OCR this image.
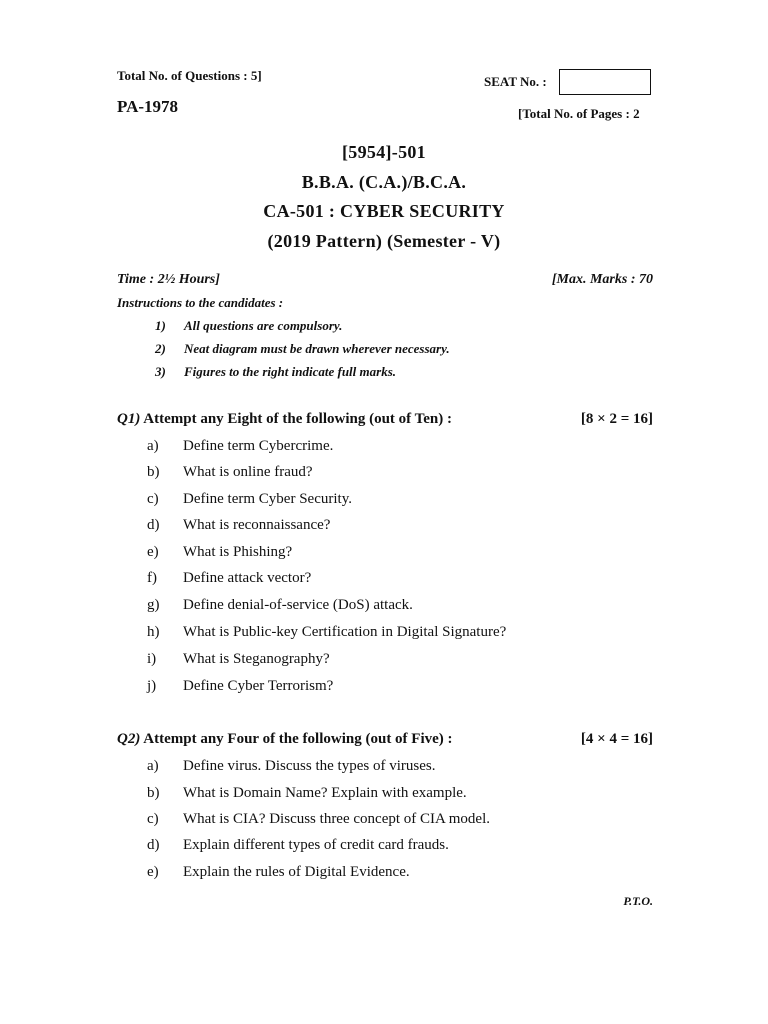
Total No. of Questions : 5]	SEAT No. :
PA-1978	[Total No. of Pages : 2
[5954]-501
B.B.A. (C.A.)/B.C.A.
CA-501 : CYBER SECURITY
(2019 Pattern) (Semester - V)
Time : 2½ Hours]	[Max. Marks : 70
Instructions to the candidates :
1)	All questions are compulsory.
2)	Neat diagram must be drawn wherever necessary.
3)	Figures to the right indicate full marks.
Q1) Attempt any Eight of the following (out of Ten) :	[8 × 2 = 16]
a)	Define term Cybercrime.
b)	What is online fraud?
c)	Define term Cyber Security.
d)	What is reconnaissance?
e)	What is Phishing?
f)	Define attack vector?
g)	Define denial-of-service (DoS) attack.
h)	What is Public-key Certification in Digital Signature?
i)	What is Steganography?
j)	Define Cyber Terrorism?
Q2) Attempt any Four of the following (out of Five) :	[4 × 4 = 16]
a)	Define virus. Discuss the types of viruses.
b)	What is Domain Name? Explain with example.
c)	What is CIA? Discuss three concept of CIA model.
d)	Explain different types of credit card frauds.
e)	Explain the rules of Digital Evidence.
P.T.O.
